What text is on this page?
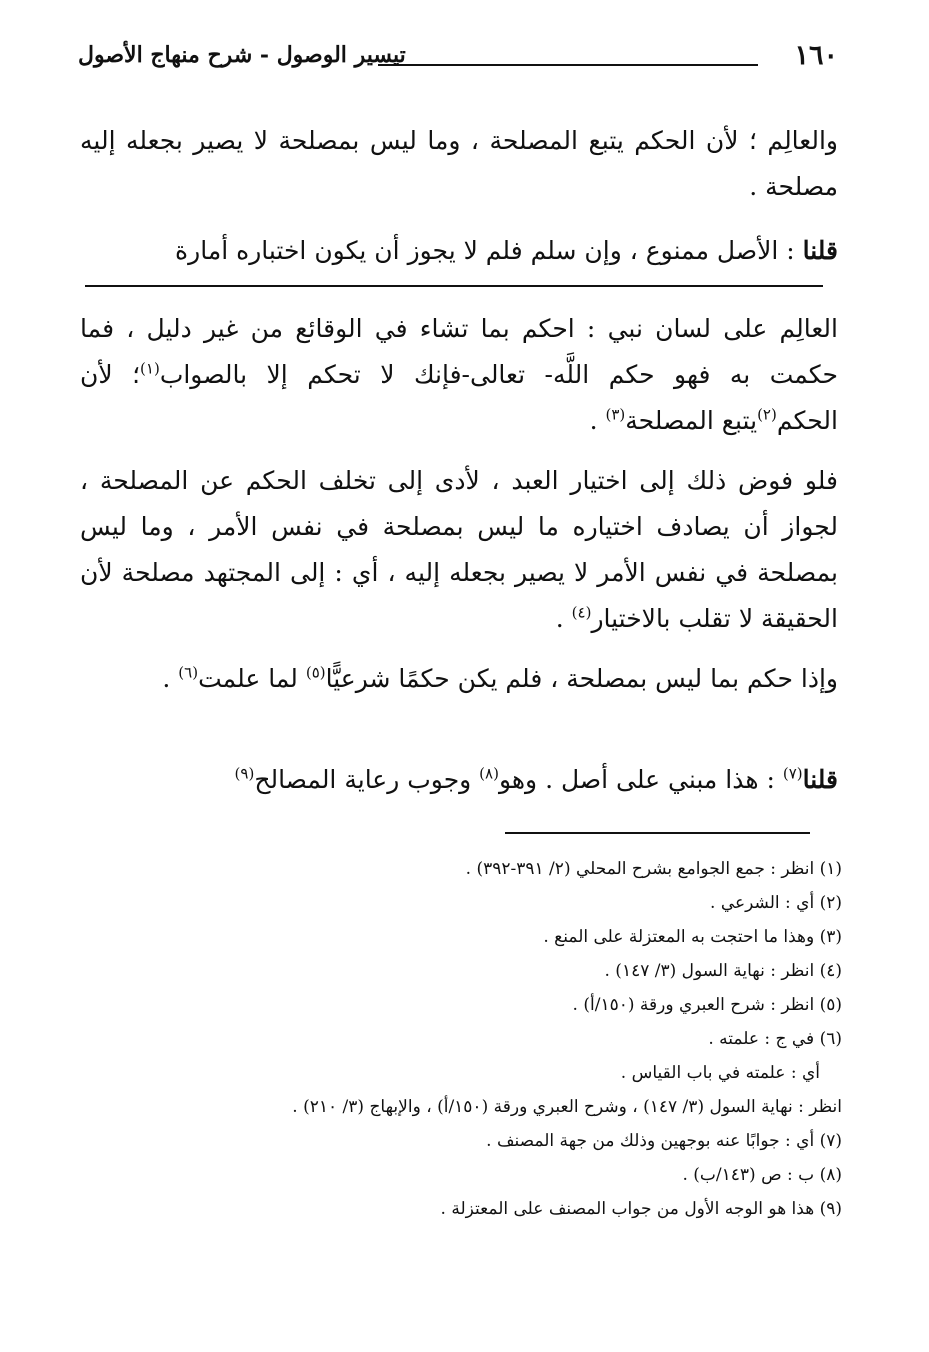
١٦٠
تيسير الوصول - شرح منهاج الأصول
والعالِم ؛ لأن الحكم يتبع المصلحة ، وما ليس بمصلحة لا يصير بجعله إليه مصلحة .
قلنا : الأصل ممنوع ، وإن سلم فلم لا يجوز أن يكون اختباره أمارة
العالِم على لسان نبي : احكم بما تشاء في الوقائع من غير دليل ، فما حكمت به فهو حكم اللَّه- تعالى-فإنك لا تحكم إلا بالصواب$^{(١)}$؛ لأن الحكم$^{(٢)}$يتبع المصلحة$^{(٣)}$ .
فلو فوض ذلك إلى اختيار العبد ، لأدى إلى تخلف الحكم عن المصلحة ، لجواز أن يصادف اختياره ما ليس بمصلحة في نفس الأمر ، وما ليس بمصلحة في نفس الأمر لا يصير بجعله إليه ، أي : إلى المجتهد مصلحة لأن الحقيقة لا تقلب بالاختيار$^{(٤)}$ .
وإذا حكم بما ليس بمصلحة ، فلم يكن حكمًا شرعيًّا$^{(٥)}$ لما علمت$^{(٦)}$ .
قلنا$^{(٧)}$ : هذا مبني على أصل . وهو$^{(٨)}$ وجوب رعاية المصالح$^{(٩)}$
(١) انظر : جمع الجوامع بشرح المحلي (٢/ ٣٩١-٣٩٢) .
(٢) أي : الشرعي .
(٣) وهذا ما احتجت به المعتزلة على المنع .
(٤) انظر : نهاية السول (٣/ ١٤٧) .
(٥) انظر : شرح العبري ورقة (١٥٠/أ) .
(٦) في ج : علمته .
أي : علمته في باب القياس .
انظر : نهاية السول (٣/ ١٤٧) ، وشرح العبري ورقة (١٥٠/أ) ، والإبهاج (٣/ ٢١٠) .
(٧) أي : جوابًا عنه بوجهين وذلك من جهة المصنف .
(٨) ب : ص (١٤٣/ب) .
(٩) هذا هو الوجه الأول من جواب المصنف على المعتزلة .
